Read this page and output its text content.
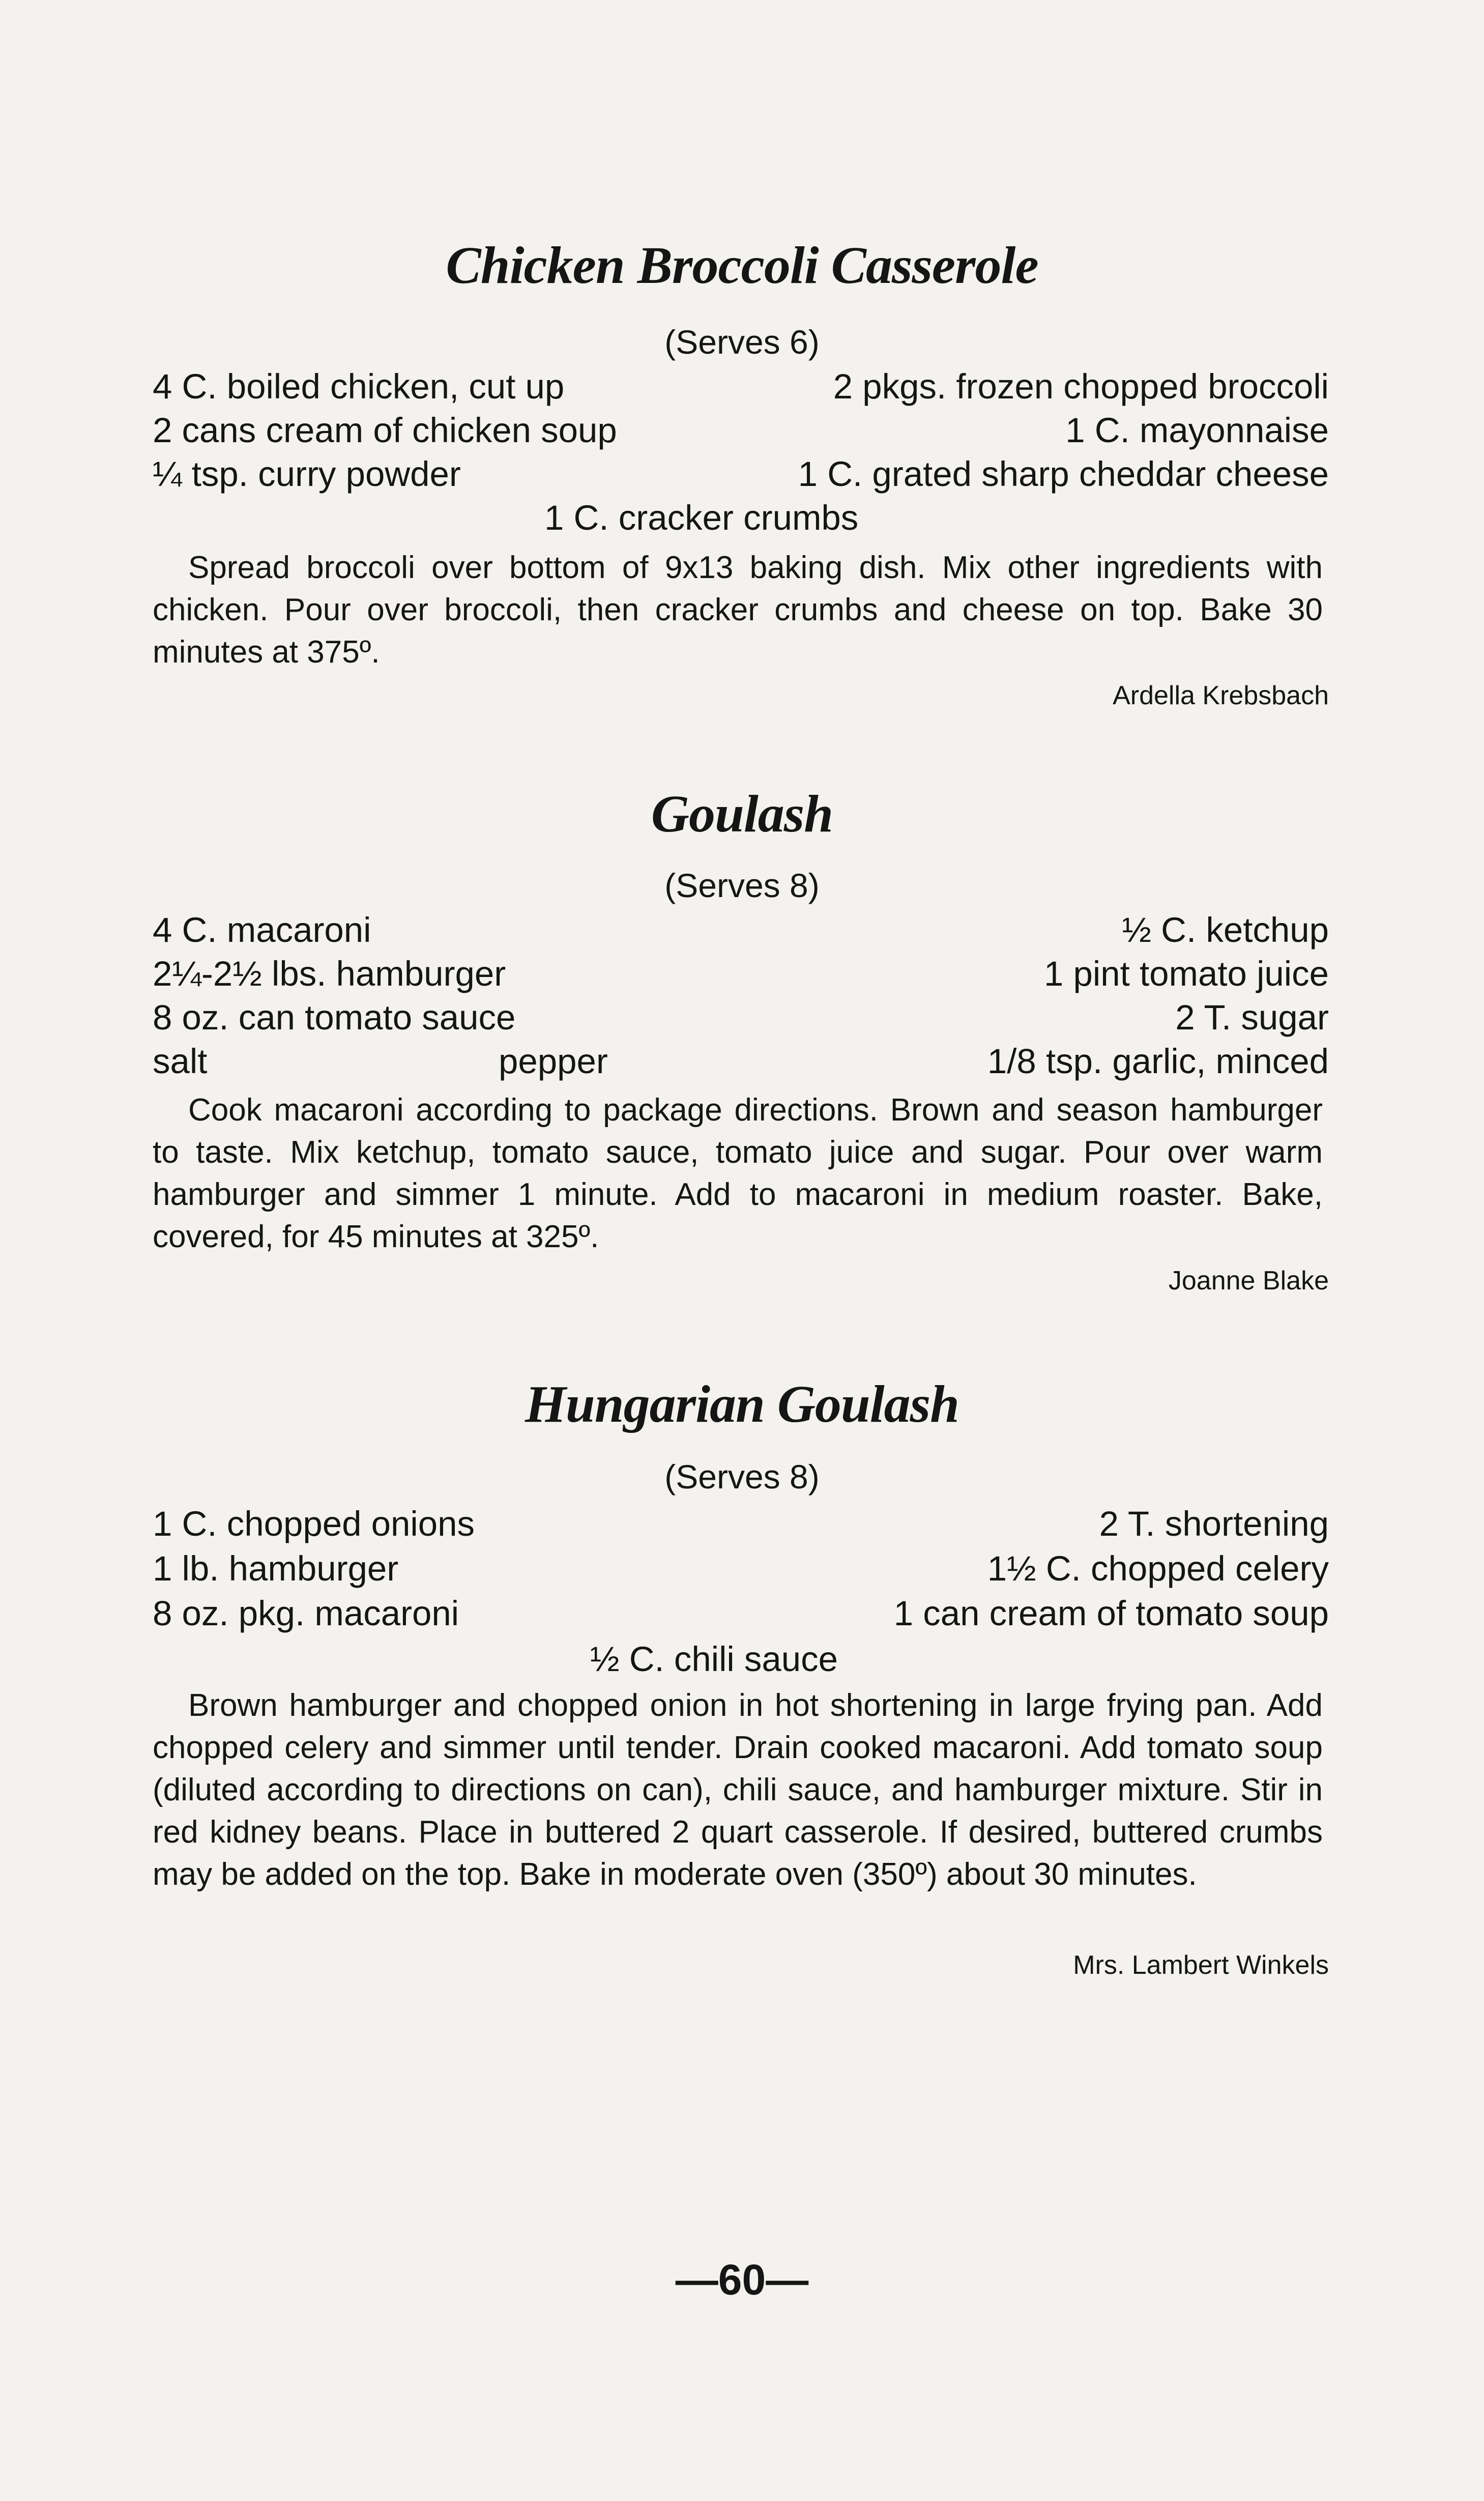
Chicken Broccoli Casserole
(Serves 6)
4 C. boiled chicken, cut up	2 pkgs. frozen chopped broccoli
2 cans cream of chicken soup	1 C. mayonnaise
¼ tsp. curry powder	1 C. grated sharp cheddar cheese
1 C. cracker crumbs
Spread broccoli over bottom of 9x13 baking dish. Mix other ingredients with chicken. Pour over broccoli, then cracker crumbs and cheese on top. Bake 30 minutes at 375º.
Ardella Krebsbach
Goulash
(Serves 8)
4 C. macaroni	½ C. ketchup
2¼-2½ lbs. hamburger	1 pint tomato juice
8 oz. can tomato sauce	2 T. sugar
salt	pepper	1/8 tsp. garlic, minced
Cook macaroni according to package directions. Brown and season hamburger to taste. Mix ketchup, tomato sauce, tomato juice and sugar. Pour over warm hamburger and simmer 1 minute. Add to macaroni in medium roaster. Bake, covered, for 45 minutes at 325º.
Joanne Blake
Hungarian Goulash
(Serves 8)
1 C. chopped onions	2 T. shortening
1 lb. hamburger	1½ C. chopped celery
8 oz. pkg. macaroni	1 can cream of tomato soup
½ C. chili sauce
Brown hamburger and chopped onion in hot shortening in large frying pan. Add chopped celery and simmer until tender. Drain cooked macaroni. Add tomato soup (diluted according to directions on can), chili sauce, and hamburger mixture. Stir in red kidney beans. Place in buttered 2 quart casserole. If desired, buttered crumbs may be added on the top. Bake in moderate oven (350º) about 30 minutes.
Mrs. Lambert Winkels
—60—
